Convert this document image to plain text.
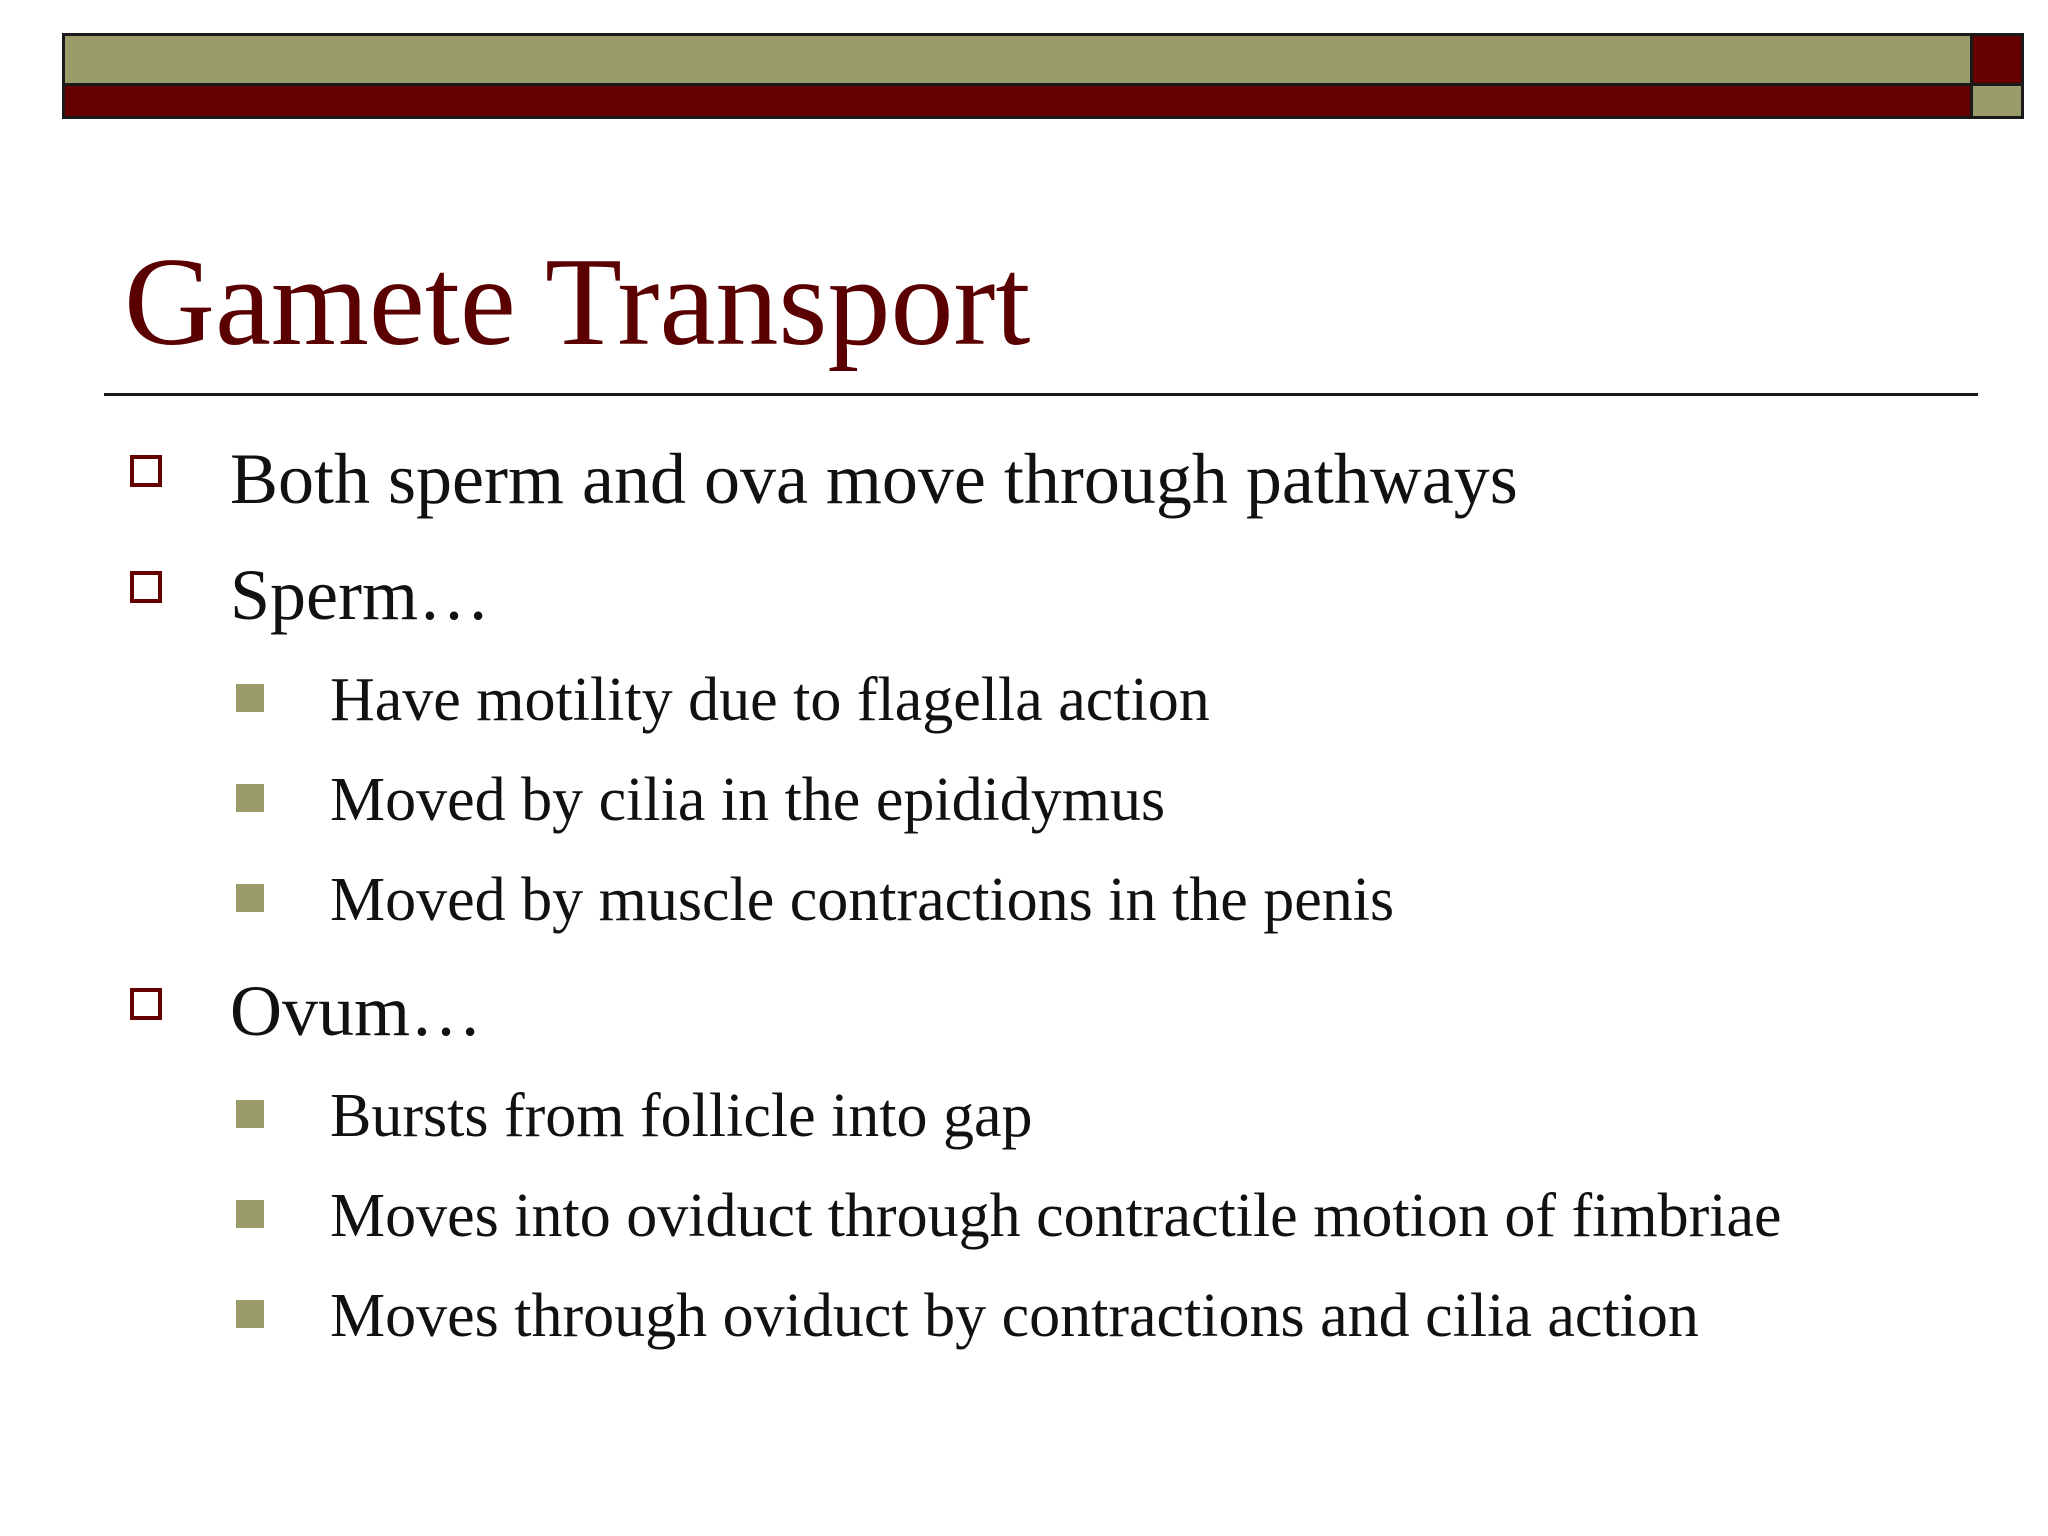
Gamete Transport
Both sperm and ova move through pathways
Sperm…
Have motility due to flagella action
Moved by cilia in the epididymus
Moved by muscle contractions in the penis
Ovum…
Bursts from follicle into gap
Moves into oviduct through contractile motion of fimbriae
Moves through oviduct by contractions and cilia action
